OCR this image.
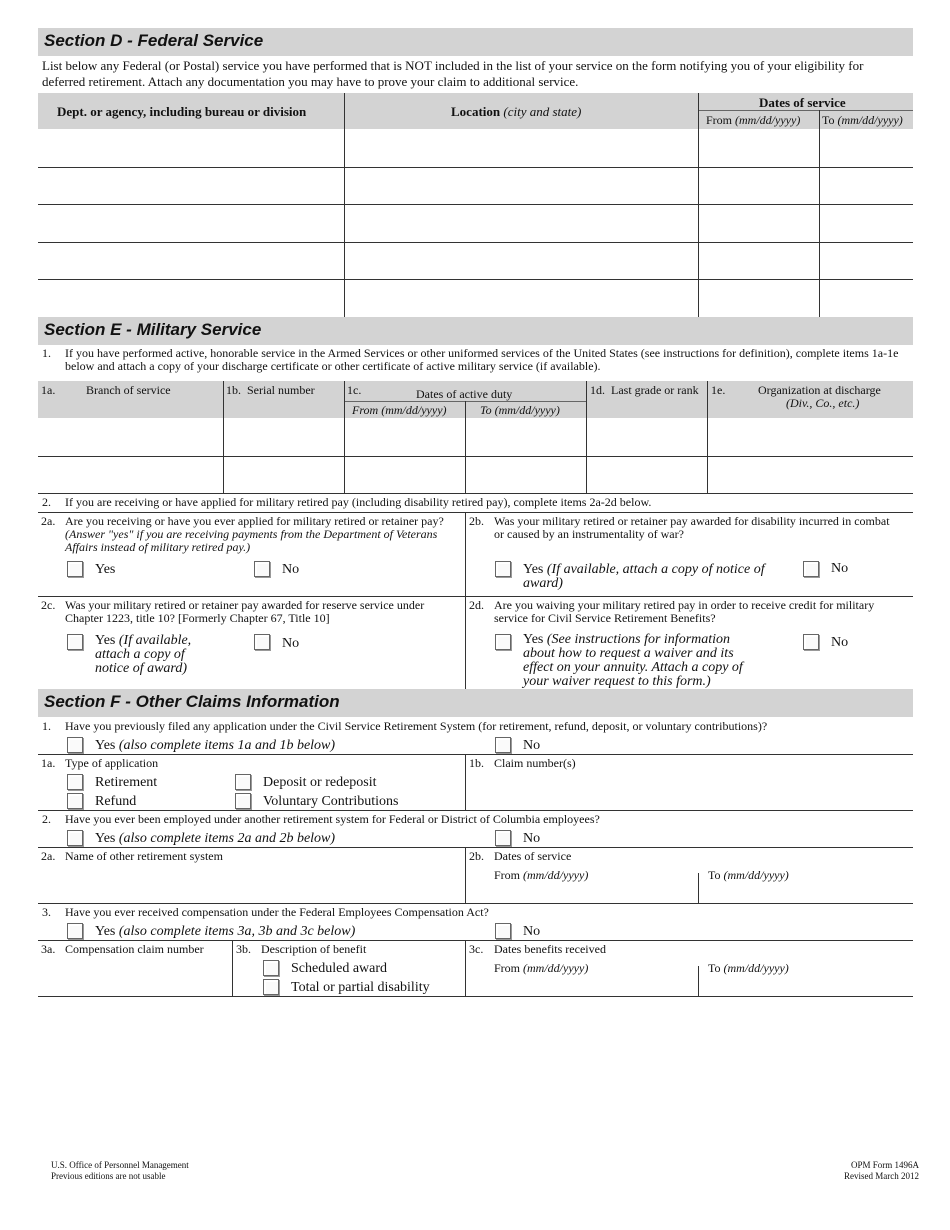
Section D - Federal Service
List below any Federal (or Postal) service you have performed that is NOT included in the list of your service on the form notifying you of your eligibility for deferred retirement. Attach any documentation you may have to prove your claim to additional service.
Dept. or agency, including bureau or division	Location (city and state)
Dates of service
From (mm/dd/yyyy) To (mm/dd/yyyy)
Section E - Military Service
1. If you have performed active, honorable service in the Armed Services or other uniformed services of the United States (see instructions for definition), complete items 1a-1e below and attach a copy of your discharge certificate or other certificate of active military service (if available).
1a.	Branch of service	1b. Serial number	1c.	Dates of active duty
From (mm/dd/yyyy)	To (mm/dd/yyyy)
1d. Last grade or rank 1e.	Organization at discharge
(Div., Co., etc.)
2. If you are receiving or have applied for military retired pay (including disability retired pay), complete items 2a-2d below.
2a. Are you receiving or have you ever applied for military retired or retainer pay?  (Answer "yes" if you are receiving payments from the Department of Veterans Affairs instead of military retired pay.)
Yes	No
2b. Was your military retired or retainer pay awarded for disability incurred in combat or caused by an instrumentality of war?
Yes (If available, attach a copy of notice of award)
No
2c. Was your military retired or retainer pay awarded for reserve service under Chapter 1223, title 10? [Formerly Chapter 67, Title 10]
Yes (If available, attach a copy of notice of award)
No
2d. Are you waiving your military retired pay in order to receive credit for military service for Civil Service Retirement Benefits?
Yes (See instructions for information about how to request a waiver and its effect on your annuity. Attach a copy of your waiver request to this form.)
No
Section F - Other Claims Information
1. Have you previously filed any application under the Civil Service Retirement System (for retirement, refund, deposit, or voluntary contributions)?
Yes (also complete items 1a and 1b below)	No
1a. Type of application
Retirement
Refund
Deposit or redeposit
Voluntary Contributions
1b. Claim number(s)
2. Have you ever been employed under another retirement system for Federal or District of Columbia employees?
Yes (also complete items 2a and 2b below)	No
2a. Name of other retirement system	2b. Dates of service
From (mm/dd/yyyy)	To (mm/dd/yyyy)
3. Have you ever received compensation under the Federal Employees Compensation Act?
Yes (also complete items 3a, 3b and 3c below)	No
3a. Compensation claim number	3b. Description of benefit
Scheduled award
Total or partial disability
3c. Dates benefits received
From (mm/dd/yyyy)	To (mm/dd/yyyy)
U.S. Office of Personnel Management
Previous editions are not usable
OPM Form 1496A
Revised March 2012
